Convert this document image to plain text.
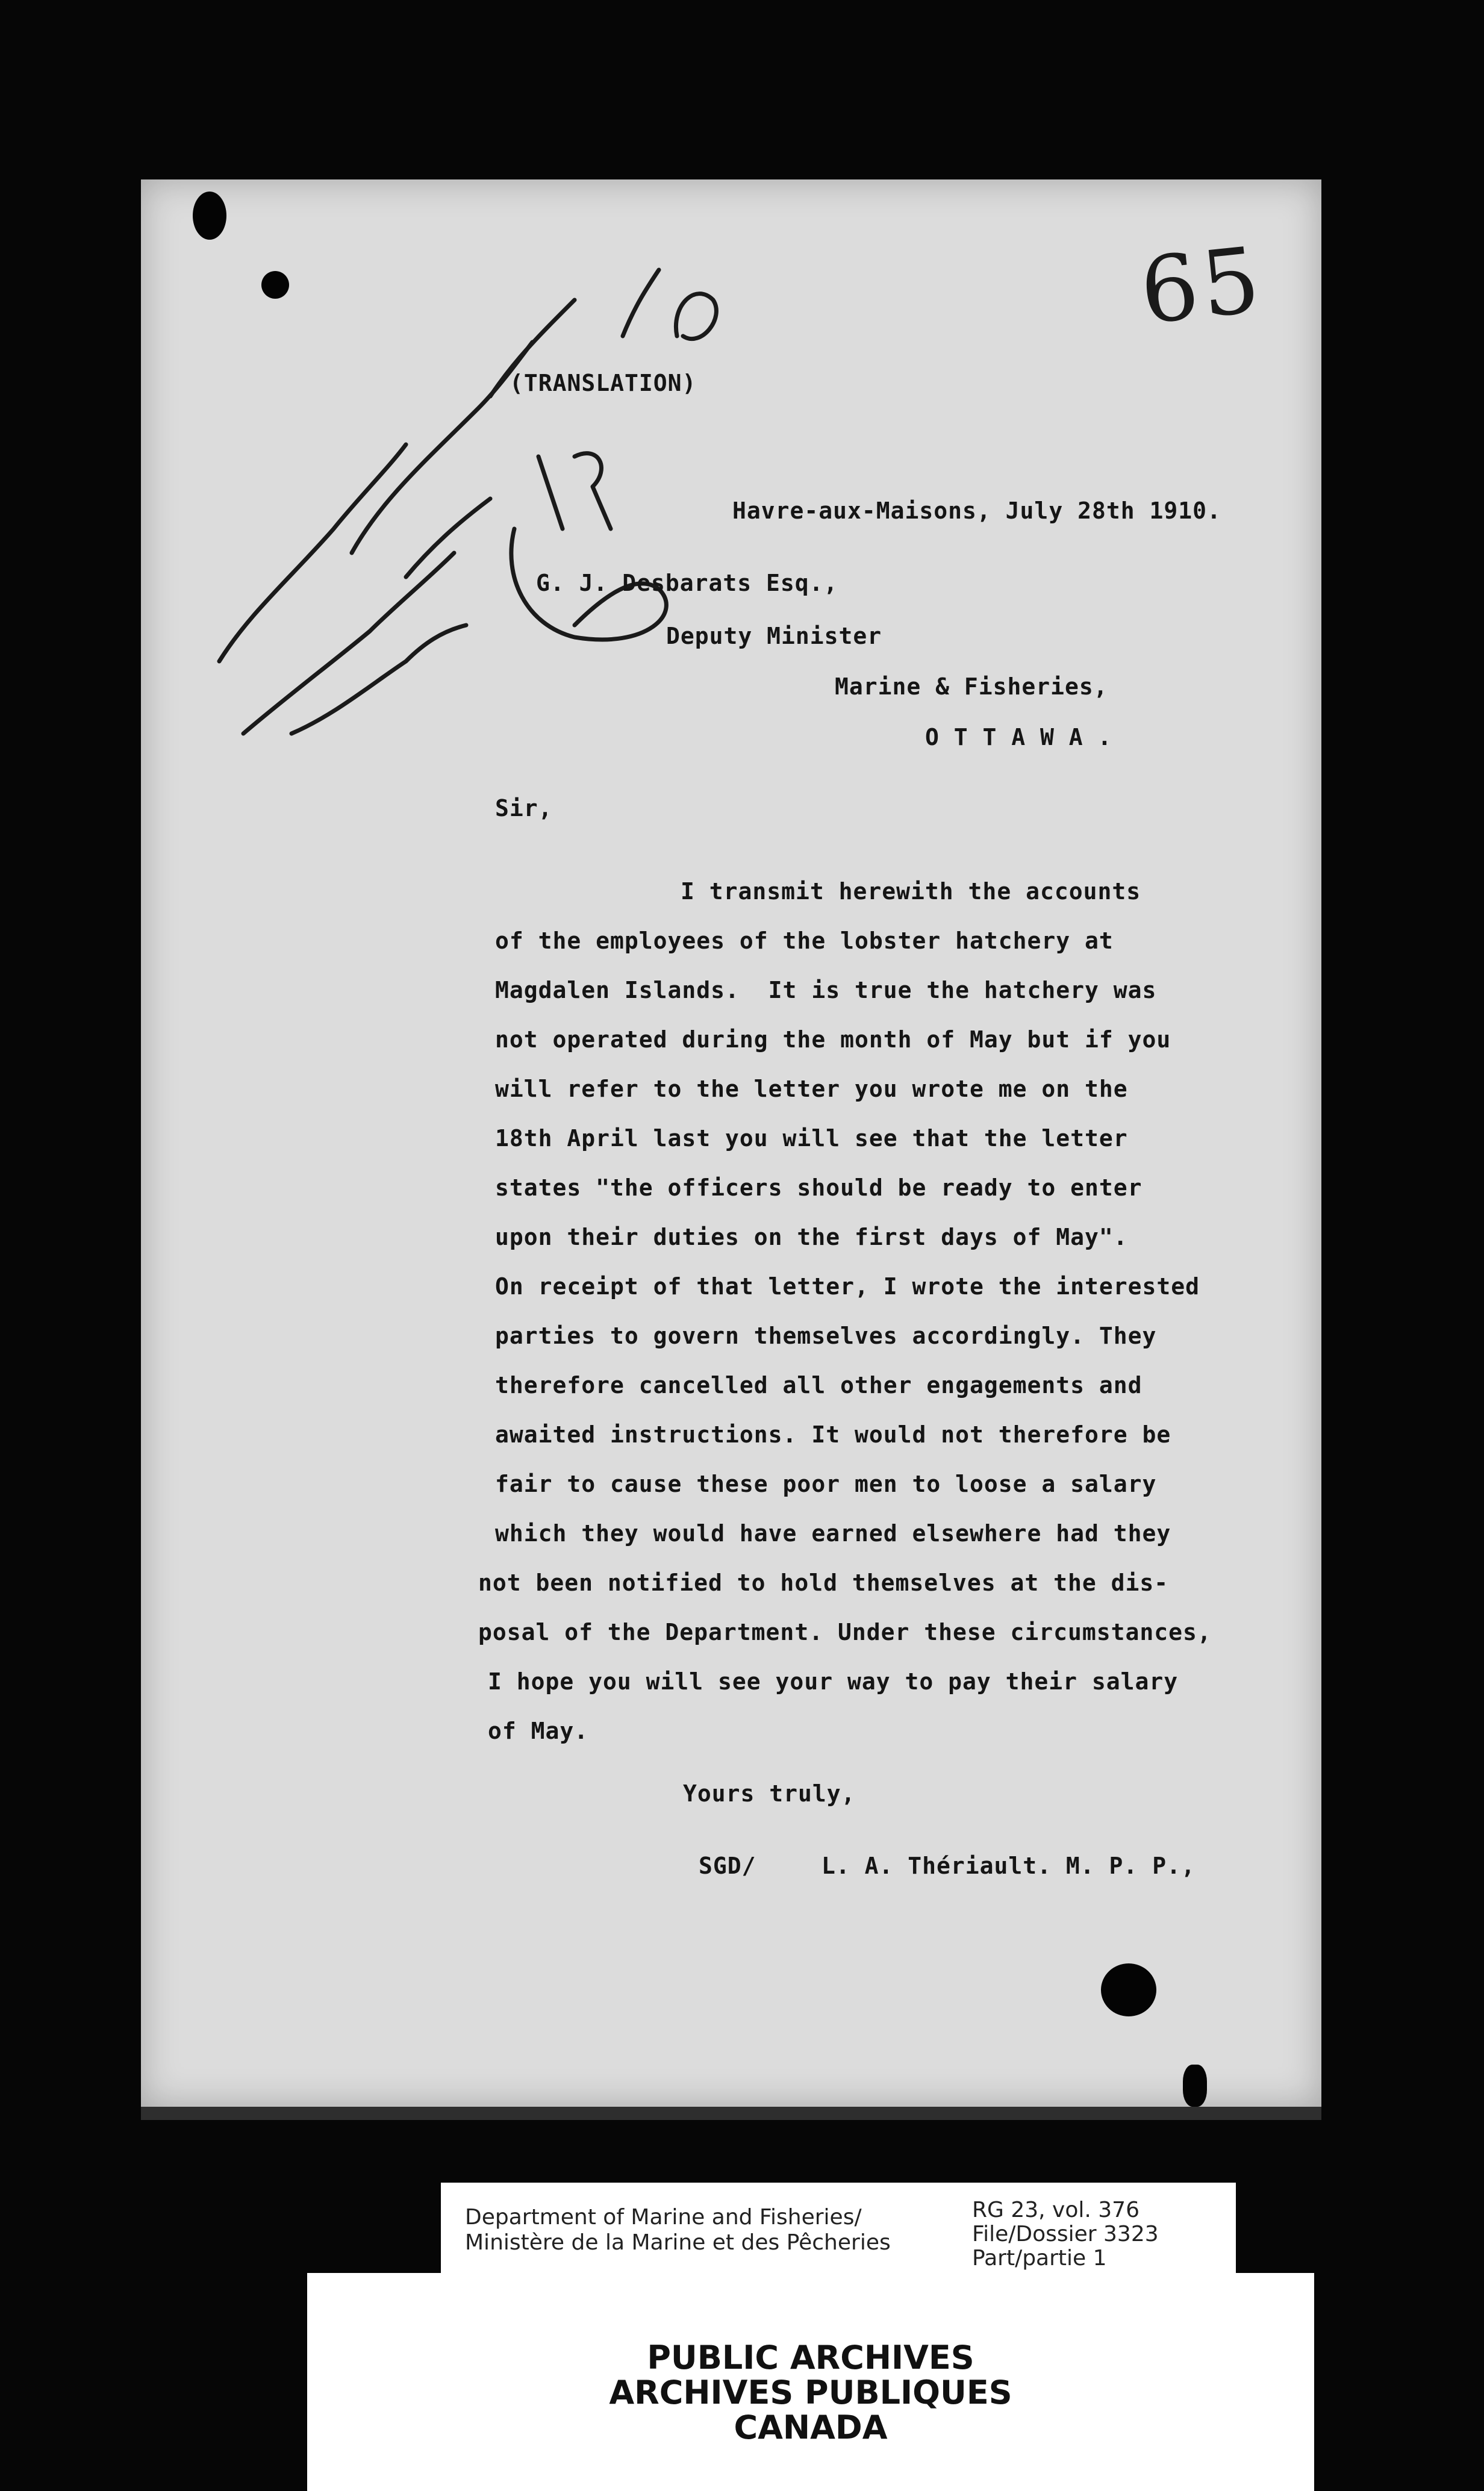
65

(TRANSLATION)

Havre-aux-Maisons, July 28th 1910.

G. J. Desbarats Esq.,

Deputy Minister

Marine & Fisheries,

O T T A W A .

Sir,

I transmit herewith the accounts

of the employees of the lobster hatchery at

Magdalen Islands.  It is true the hatchery was

not operated during the month of May but if you

will refer to the letter you wrote me on the

18th April last you will see that the letter

states "the officers should be ready to enter

upon their duties on the first days of May".

On receipt of that letter, I wrote the interested

parties to govern themselves accordingly. They

therefore cancelled all other engagements and

awaited instructions. It would not therefore be

fair to cause these poor men to loose a salary

which they would have earned elsewhere had they

not been notified to hold themselves at the dis-

posal of the Department. Under these circumstances,

I hope you will see your way to pay their salary

of May.

Yours truly,

SGD/	L. A. Thériault. M. P. P.,

Department of Marine and Fisheries/

Ministère de la Marine et des Pêcheries

RG 23, vol. 376

File/Dossier 3323

Part/partie 1

PUBLIC ARCHIVES

ARCHIVES PUBLIQUES

CANADA
